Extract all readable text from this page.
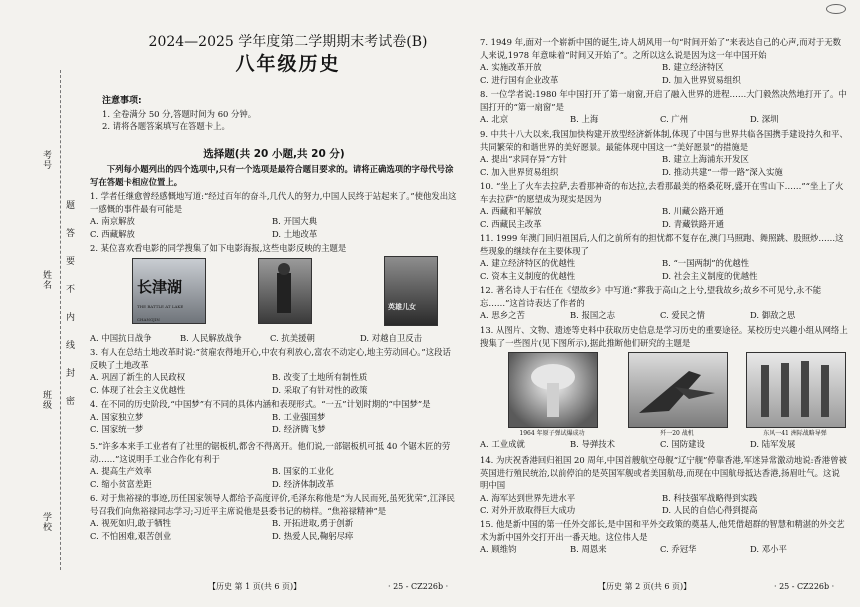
考号
姓名
班级
学校
题
答
要
不
内
线
封
密
2024—2025 学年度第二学期期末考试卷(B)
八年级历史
注意事项:
1. 全卷满分 50 分,答题时间为 60 分钟。
2. 请将各题答案填写在答题卡上。
选择题(共 20 小题,共 20 分)
下列每小题列出的四个选项中,只有一个选项是最符合题目要求的。请将正确选项的字母代号涂写在答题卡相应位置上。
1. 学者任继愈曾经感慨地写道:“经过百年的奋斗,几代人的努力,中国人民终于站起来了。”使他发出这一感慨的事件最有可能是
A. 南京解放	B. 开国大典
C. 西藏解放	D. 土地改革
2. 某位喜欢看电影的同学搜集了如下电影海报,这些电影反映的主题是
长津湖
THE BATTLE AT LAKE CHANGJIN
英雄儿女
A. 中国抗日战争	B. 人民解放战争	C. 抗美援朝	D. 对越自卫反击
3. 有人在总结土地改革时说:“贫雇农得地开心,中农有利放心,富农不动定心,地主劳动回心。”这段话反映了土地改革
A. 巩固了新生的人民政权	B. 改变了土地所有制性质
C. 体现了社会主义优越性	D. 采取了有针对性的政策
4. 在不同的历史阶段,“中国梦”有不同的具体内涵和表现形式。“一五”计划时期的“中国梦”是
A. 国家独立梦	B. 工业强国梦
C. 国家统一梦	D. 经济腾飞梦
5.“许多本来手工业者有了社里的锯板机,都舍不得离开。他们说,一部锯板机可抵 40 个锯木匠的劳动……”这说明手工业合作化有利于
A. 提高生产效率	B. 国家的工业化
C. 缩小贫富差距	D. 经济体制改革
6. 对于焦裕禄的事迹,历任国家领导人都给予高度评价,毛泽东称他是“为人民而死,虽死犹荣”,江泽民号召我们向焦裕禄同志学习;习近平主席说他是县委书记的榜样。“焦裕禄精神”是
A. 视死如归,敢于牺牲	B. 开拓进取,勇于创新
C. 不怕困难,艰苦创业	D. 热爱人民,鞠躬尽瘁
【历史 第 1 页(共 6 页)】	· 25 - CZ226b ·
7. 1949 年,面对一个崭新中国的诞生,诗人胡风用一句“时间开始了”来表达自己的心声,而对于无数人来说,1978 年意味着“时间又开始了”。之所以这么说是因为这一年中国开始
A. 实施改革开放	B. 建立经济特区
C. 进行国有企业改革	D. 加入世界贸易组织
8. 一位学者说:1980 年中国打开了第一扇窗,开启了融入世界的进程……大门毅然决然地打开了。中国打开的“第一扇窗”是
A. 北京	B. 上海	C. 广州	D. 深圳
9. 中共十八大以来,我国加快构建开放型经济新体制,体现了中国与世界共临各国携手建设持久和平、共同繁荣的和谐世界的美好愿景。最能体现中国这一“美好愿景”的措施是
A. 提出“求同存异”方针	B. 建立上海浦东开发区
C. 加入世界贸易组织	D. 推动共建“一带一路”深入实施
10. “坐上了火车去拉萨,去看那神奇的布达拉,去看那最美的格桑花呀,盛开在雪山下……”“坐上了火车去拉萨”的愿望成为现实是因为
A. 西藏和平解放	B. 川藏公路开通
C. 西藏民主改革	D. 青藏铁路开通
11. 1999 年澳门回归祖国后,人们之前所有的担忧都不复存在,澳门马照跑、舞照跳、股照炒……这些现象的继续存在主要体现了
A. 建立经济特区的优越性	B. “一国两制”的优越性
C. 资本主义制度的优越性	D. 社会主义制度的优越性
12. 著名诗人于右任在《望故乡》中写道:“葬我于高山之上兮,望我故乡;故乡不可见兮,永不能忘……”这首诗表达了作者的
A. 思乡之苦	B. 报国之志	C. 爱民之情	D. 御敌之思
13. 从图片、文物、遗迹等史料中获取历史信息是学习历史的重要途径。某校历史兴趣小组从网络上搜集了一些图片(见下图所示),据此推断他们研究的主题是
1964 年原子弹试爆成功	歼一20 战机	东风一41 洲际战略导弹
A. 工业成就	B. 导弹技术	C. 国防建设	D. 陆军发展
14. 为庆祝香港回归祖国 20 周年,中国首艘航空母舰“辽宁舰”停靠香港,军迷异常激动地说:香港曾被英国进行殖民统治,以前停泊的是英国军舰或者美国航母,而现在中国航母抵达香港,扬眉吐气。这说明中国
A. 海军达到世界先进水平	B. 科技强军战略得到实践
C. 对外开放取得巨大成功	D. 人民的自信心得到提高
15. 他是新中国的第一任外交部长,是中国和平外交政策的奠基人,他凭借超群的智慧和精湛的外交艺术为新中国外交打开出一番天地。这位伟人是
A. 顾维钧	B. 周恩来	C. 乔冠华	D. 邓小平
【历史 第 2 页(共 6 页)】	· 25 - CZ226b ·
